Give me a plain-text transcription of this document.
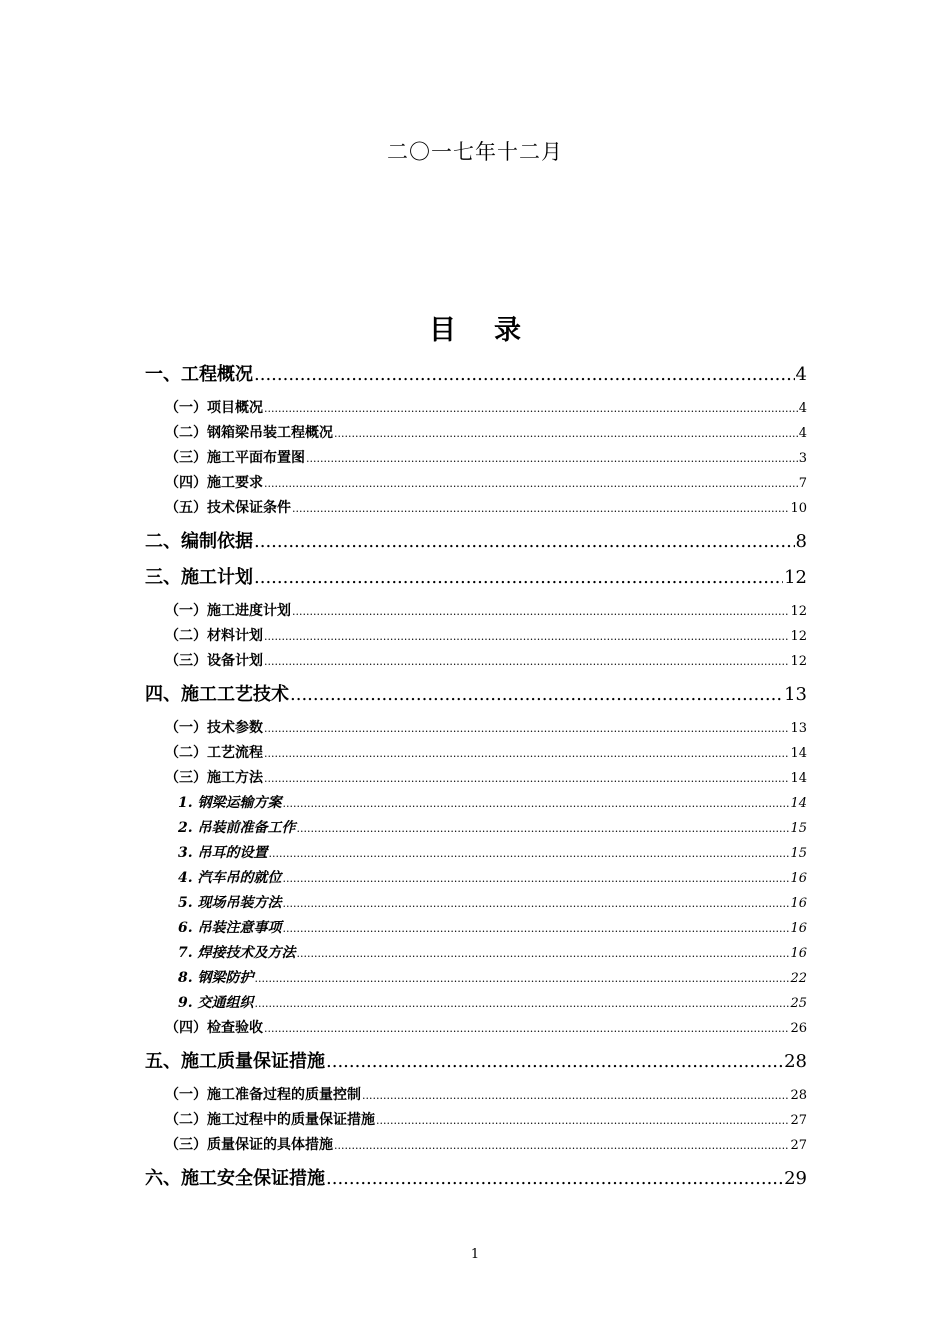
二〇一七年十二月
目录
一、工程概况 .....	4
（一）项目概况 .....	4
（二）钢箱梁吊装工程概况 .....	4
（三）施工平面布置图 .....	3
（四）施工要求 .....	7
（五）技术保证条件 .....	10
二、编制依据 .....	8
三、施工计划 .....	12
（一）施工进度计划 .....	12
（二）材料计划 .....	12
（三）设备计划 .....	12
四、施工工艺技术 .....	13
（一）技术参数 .....	13
（二）工艺流程 .....	14
（三）施工方法 .....	14
1. 钢梁运输方案 .....	14
2. 吊装前准备工作 .....	15
3. 吊耳的设置 .....	15
4. 汽车吊的就位 .....	16
5. 现场吊装方法 .....	16
6. 吊装注意事项 .....	16
7. 焊接技术及方法 .....	16
8. 钢梁防护 .....	22
9. 交通组织 .....	25
（四）检查验收 .....	26
五、施工质量保证措施 .....	28
（一）施工准备过程的质量控制 .....	28
（二）施工过程中的质量保证措施 .....	27
（三）质量保证的具体措施 .....	27
六、施工安全保证措施 .....	29
1
